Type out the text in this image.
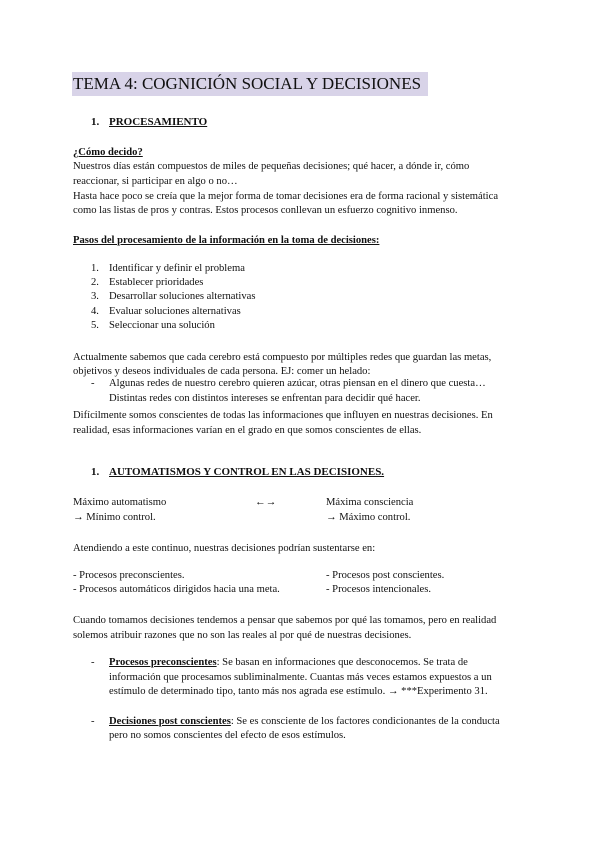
TEMA 4: COGNICIÓN SOCIAL Y DECISIONES
1. PROCESAMIENTO
¿Cómo decido?
Nuestros días están compuestos de miles de pequeñas decisiones; qué hacer, a dónde ir, cómo
reaccionar, si participar en algo o no…
Hasta hace poco se creía que la mejor forma de tomar decisiones era de forma racional y sistemática
como las listas de pros y contras. Estos procesos conllevan un esfuerzo cognitivo inmenso.
Pasos del procesamiento de la información en la toma de decisiones:
1. Identificar y definir el problema
2. Establecer prioridades
3. Desarrollar soluciones alternativas
4. Evaluar soluciones alternativas
5. Seleccionar una solución
Actualmente sabemos que cada cerebro está compuesto por múltiples redes que guardan las metas,
objetivos y deseos individuales de cada persona. EJ: comer un helado:
- Algunas redes de nuestro cerebro quieren azúcar, otras piensan en el dinero que cuesta…
Distintas redes con distintos intereses se enfrentan para decidir qué hacer.
Difícilmente somos conscientes de todas las informaciones que influyen en nuestras decisiones. En
realidad, esas informaciones varían en el grado en que somos conscientes de ellas.
1. AUTOMATISMOS Y CONTROL EN LAS DECISIONES.
Máximo automatismo	←→	Máxima consciencia
→ Mínimo control.	→ Máximo control.
Atendiendo a este continuo, nuestras decisiones podrían sustentarse en:
- Procesos preconscientes.	- Procesos post conscientes.
- Procesos automáticos dirigidos hacia una meta.	- Procesos intencionales.
Cuando tomamos decisiones tendemos a pensar que sabemos por qué las tomamos, pero en realidad
solemos atribuir razones que no son las reales al por qué de nuestras decisiones.
- Procesos preconscientes: Se basan en informaciones que desconocemos. Se trata de
información que procesamos subliminalmente. Cuantas más veces estamos expuestos a un
estímulo de determinado tipo, tanto más nos agrada ese estímulo. → ***Experimento 31.
- Decisiones post conscientes: Se es consciente de los factores condicionantes de la conducta
pero no somos conscientes del efecto de esos estímulos.
